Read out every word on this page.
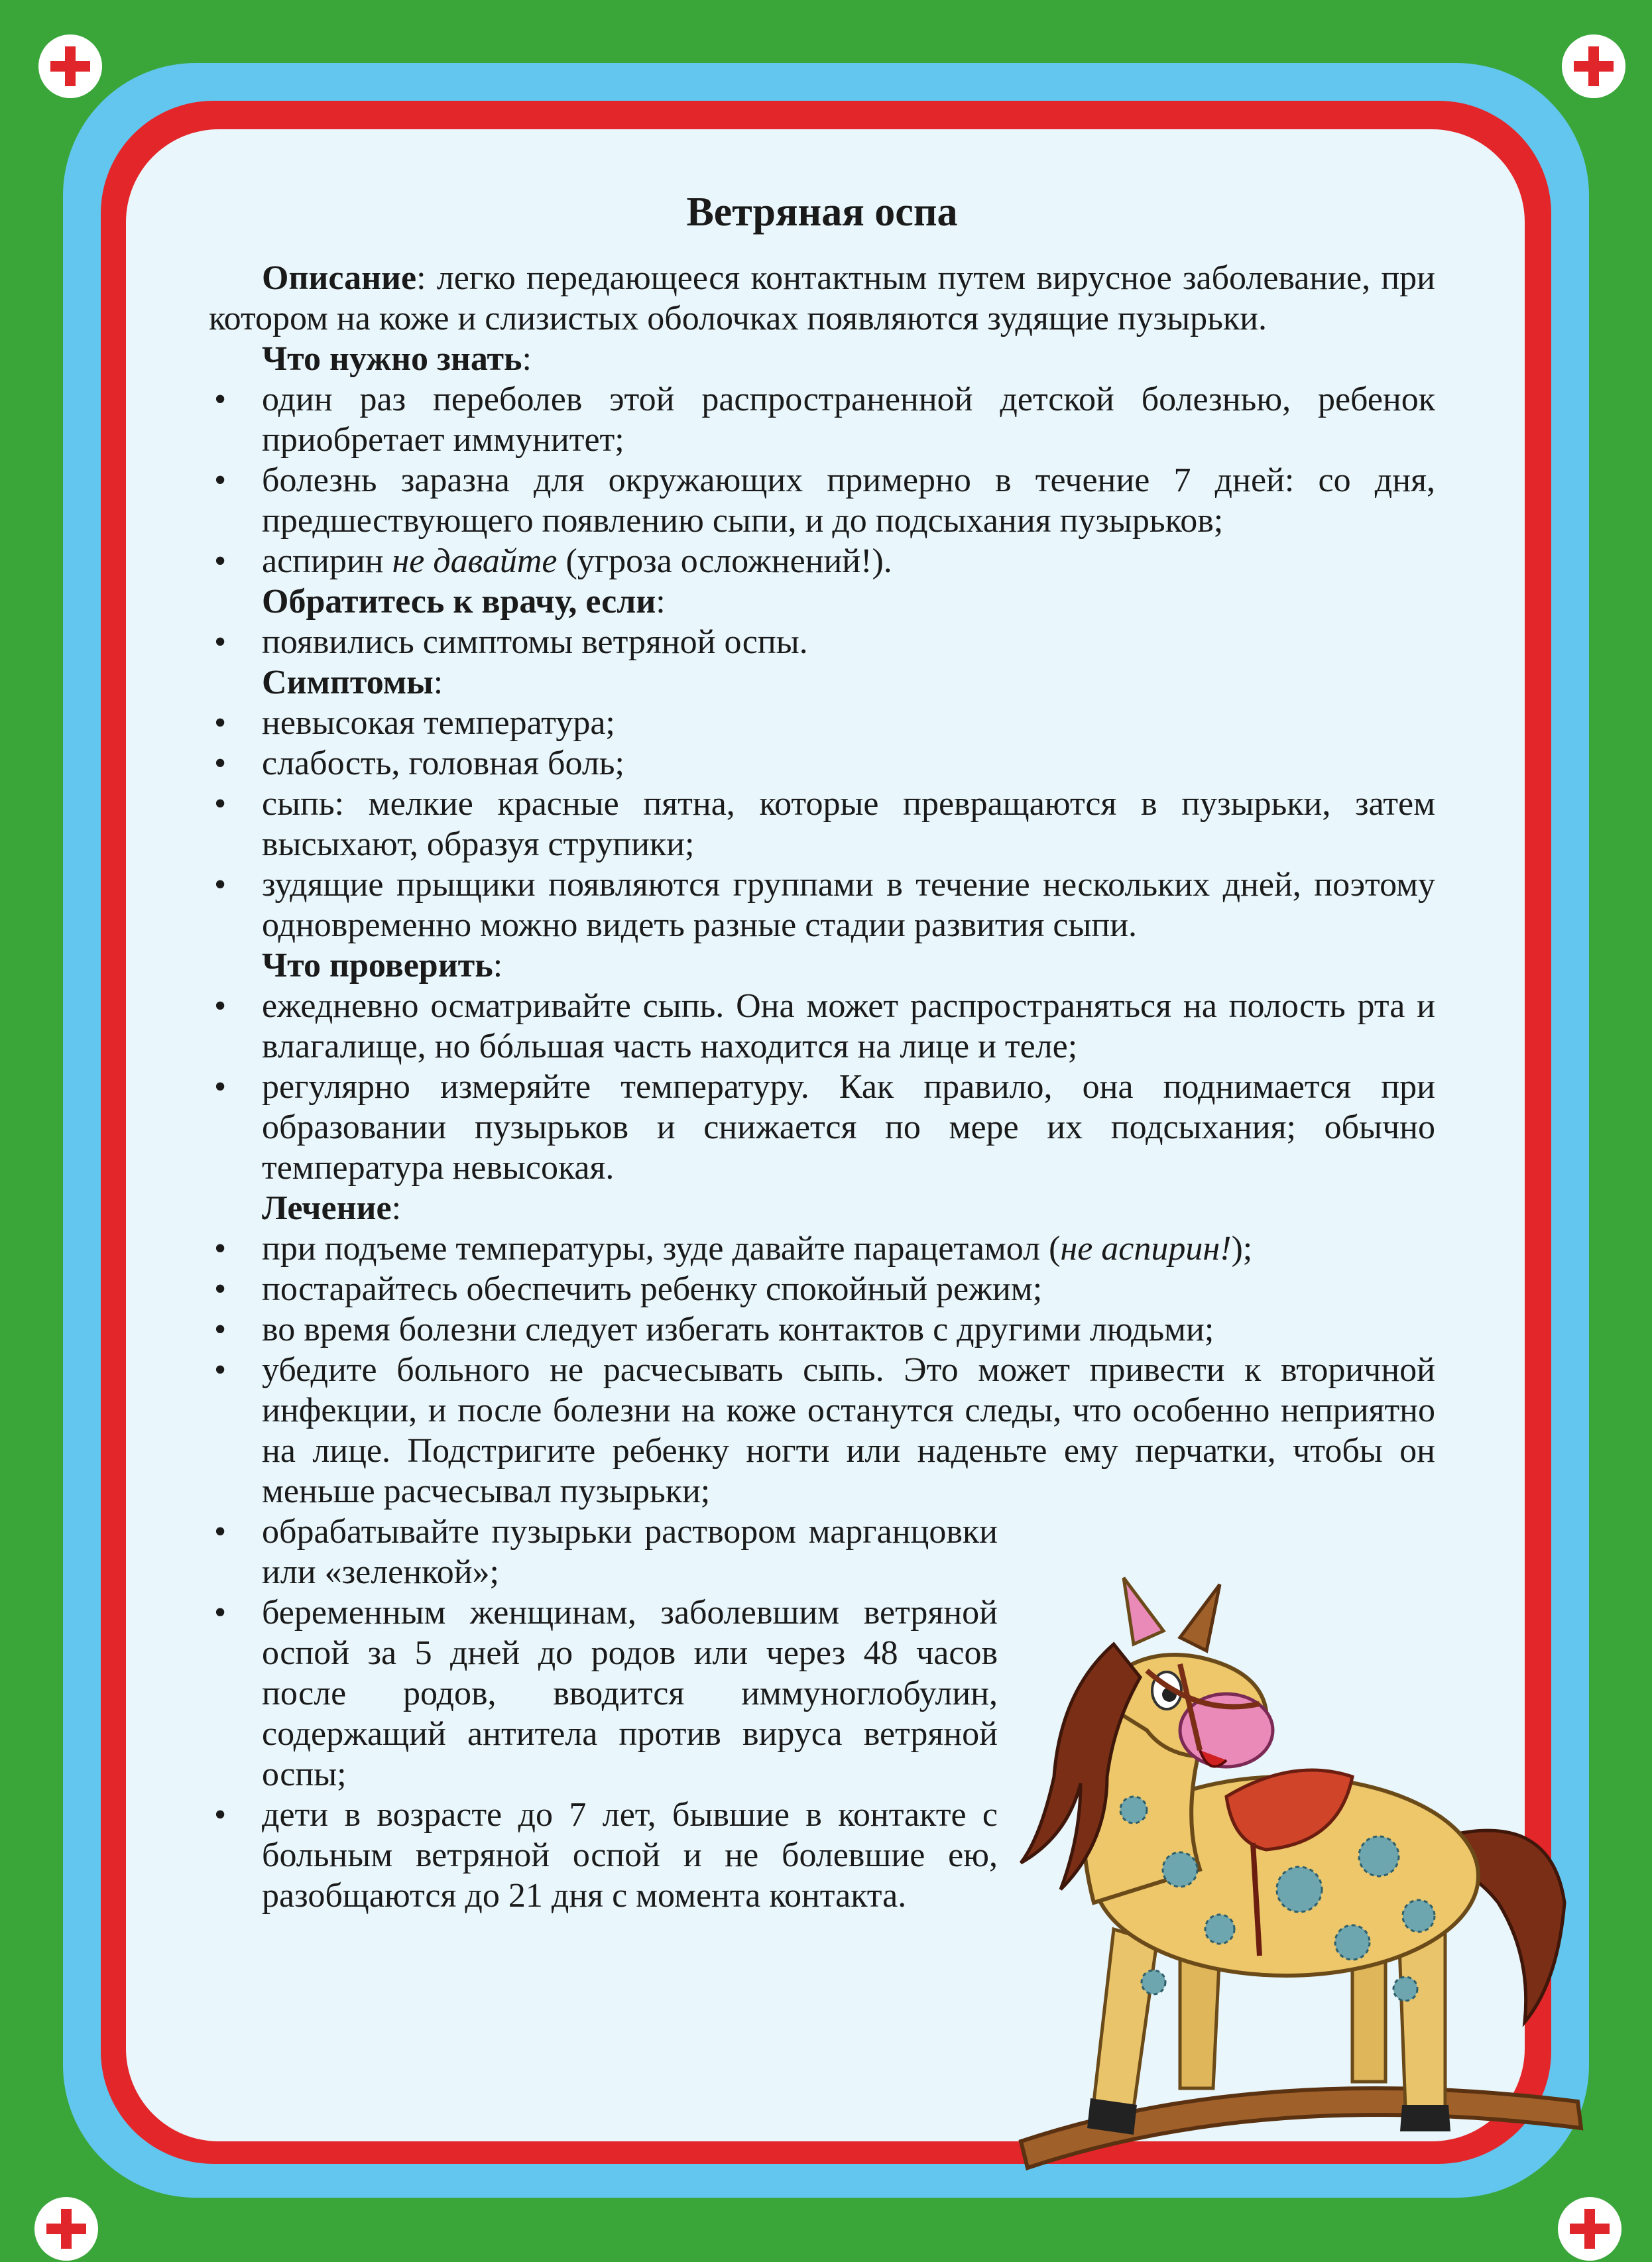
Ветряная оспа

Описание: легко передающееся контактным путем вирусное заболевание, при котором на коже и слизистых оболочках появляются зудящие пузырьки.

Что нужно знать:

• один раз переболев этой распространенной детской болезнью, ребенок приобретает иммунитет;
• болезнь заразна для окружающих примерно в течение 7 дней: со дня, предшествующего появлению сыпи, и до подсыхания пузырьков;
• аспирин не давайте (угроза осложнений!).

Обратитесь к врачу, если:

• появились симптомы ветряной оспы.

Симптомы:

• невысокая температура;
• слабость, головная боль;
• сыпь: мелкие красные пятна, которые превращаются в пузырьки, затем высыхают, образуя струпики;
• зудящие прыщики появляются группами в течение нескольких дней, поэтому одновременно можно видеть разные стадии развития сыпи.

Что проверить:

• ежедневно осматривайте сыпь. Она может распространяться на полость рта и влагалище, но бóльшая часть находится на лице и теле;
• регулярно измеряйте температуру. Как правило, она поднимается при образовании пузырьков и снижается по мере их подсыхания; обычно температура невысокая.

Лечение:

• при подъеме температуры, зуде давайте парацетамол (не аспирин!);
• постарайтесь обеспечить ребенку спокойный режим;
• во время болезни следует избегать контактов с другими людьми;
• убедите больного не расчесывать сыпь. Это может привести к вторичной инфекции, и после болезни на коже останутся следы, что особенно неприятно на лице. Подстригите ребенку ногти или наденьте ему перчатки, чтобы он меньше расчесывал пузырьки;
• обрабатывайте пузырьки раствором марганцовки или «зеленкой»;
• беременным женщинам, заболевшим ветряной оспой за 5 дней до родов или через 48 часов после родов, вводится иммуноглобулин, содержащий антитела против вируса ветряной оспы;
• дети в возрасте до 7 лет, бывшие в контакте с больным ветряной оспой и не болевшие ею, разобщаются до 21 дня с момента контакта.
